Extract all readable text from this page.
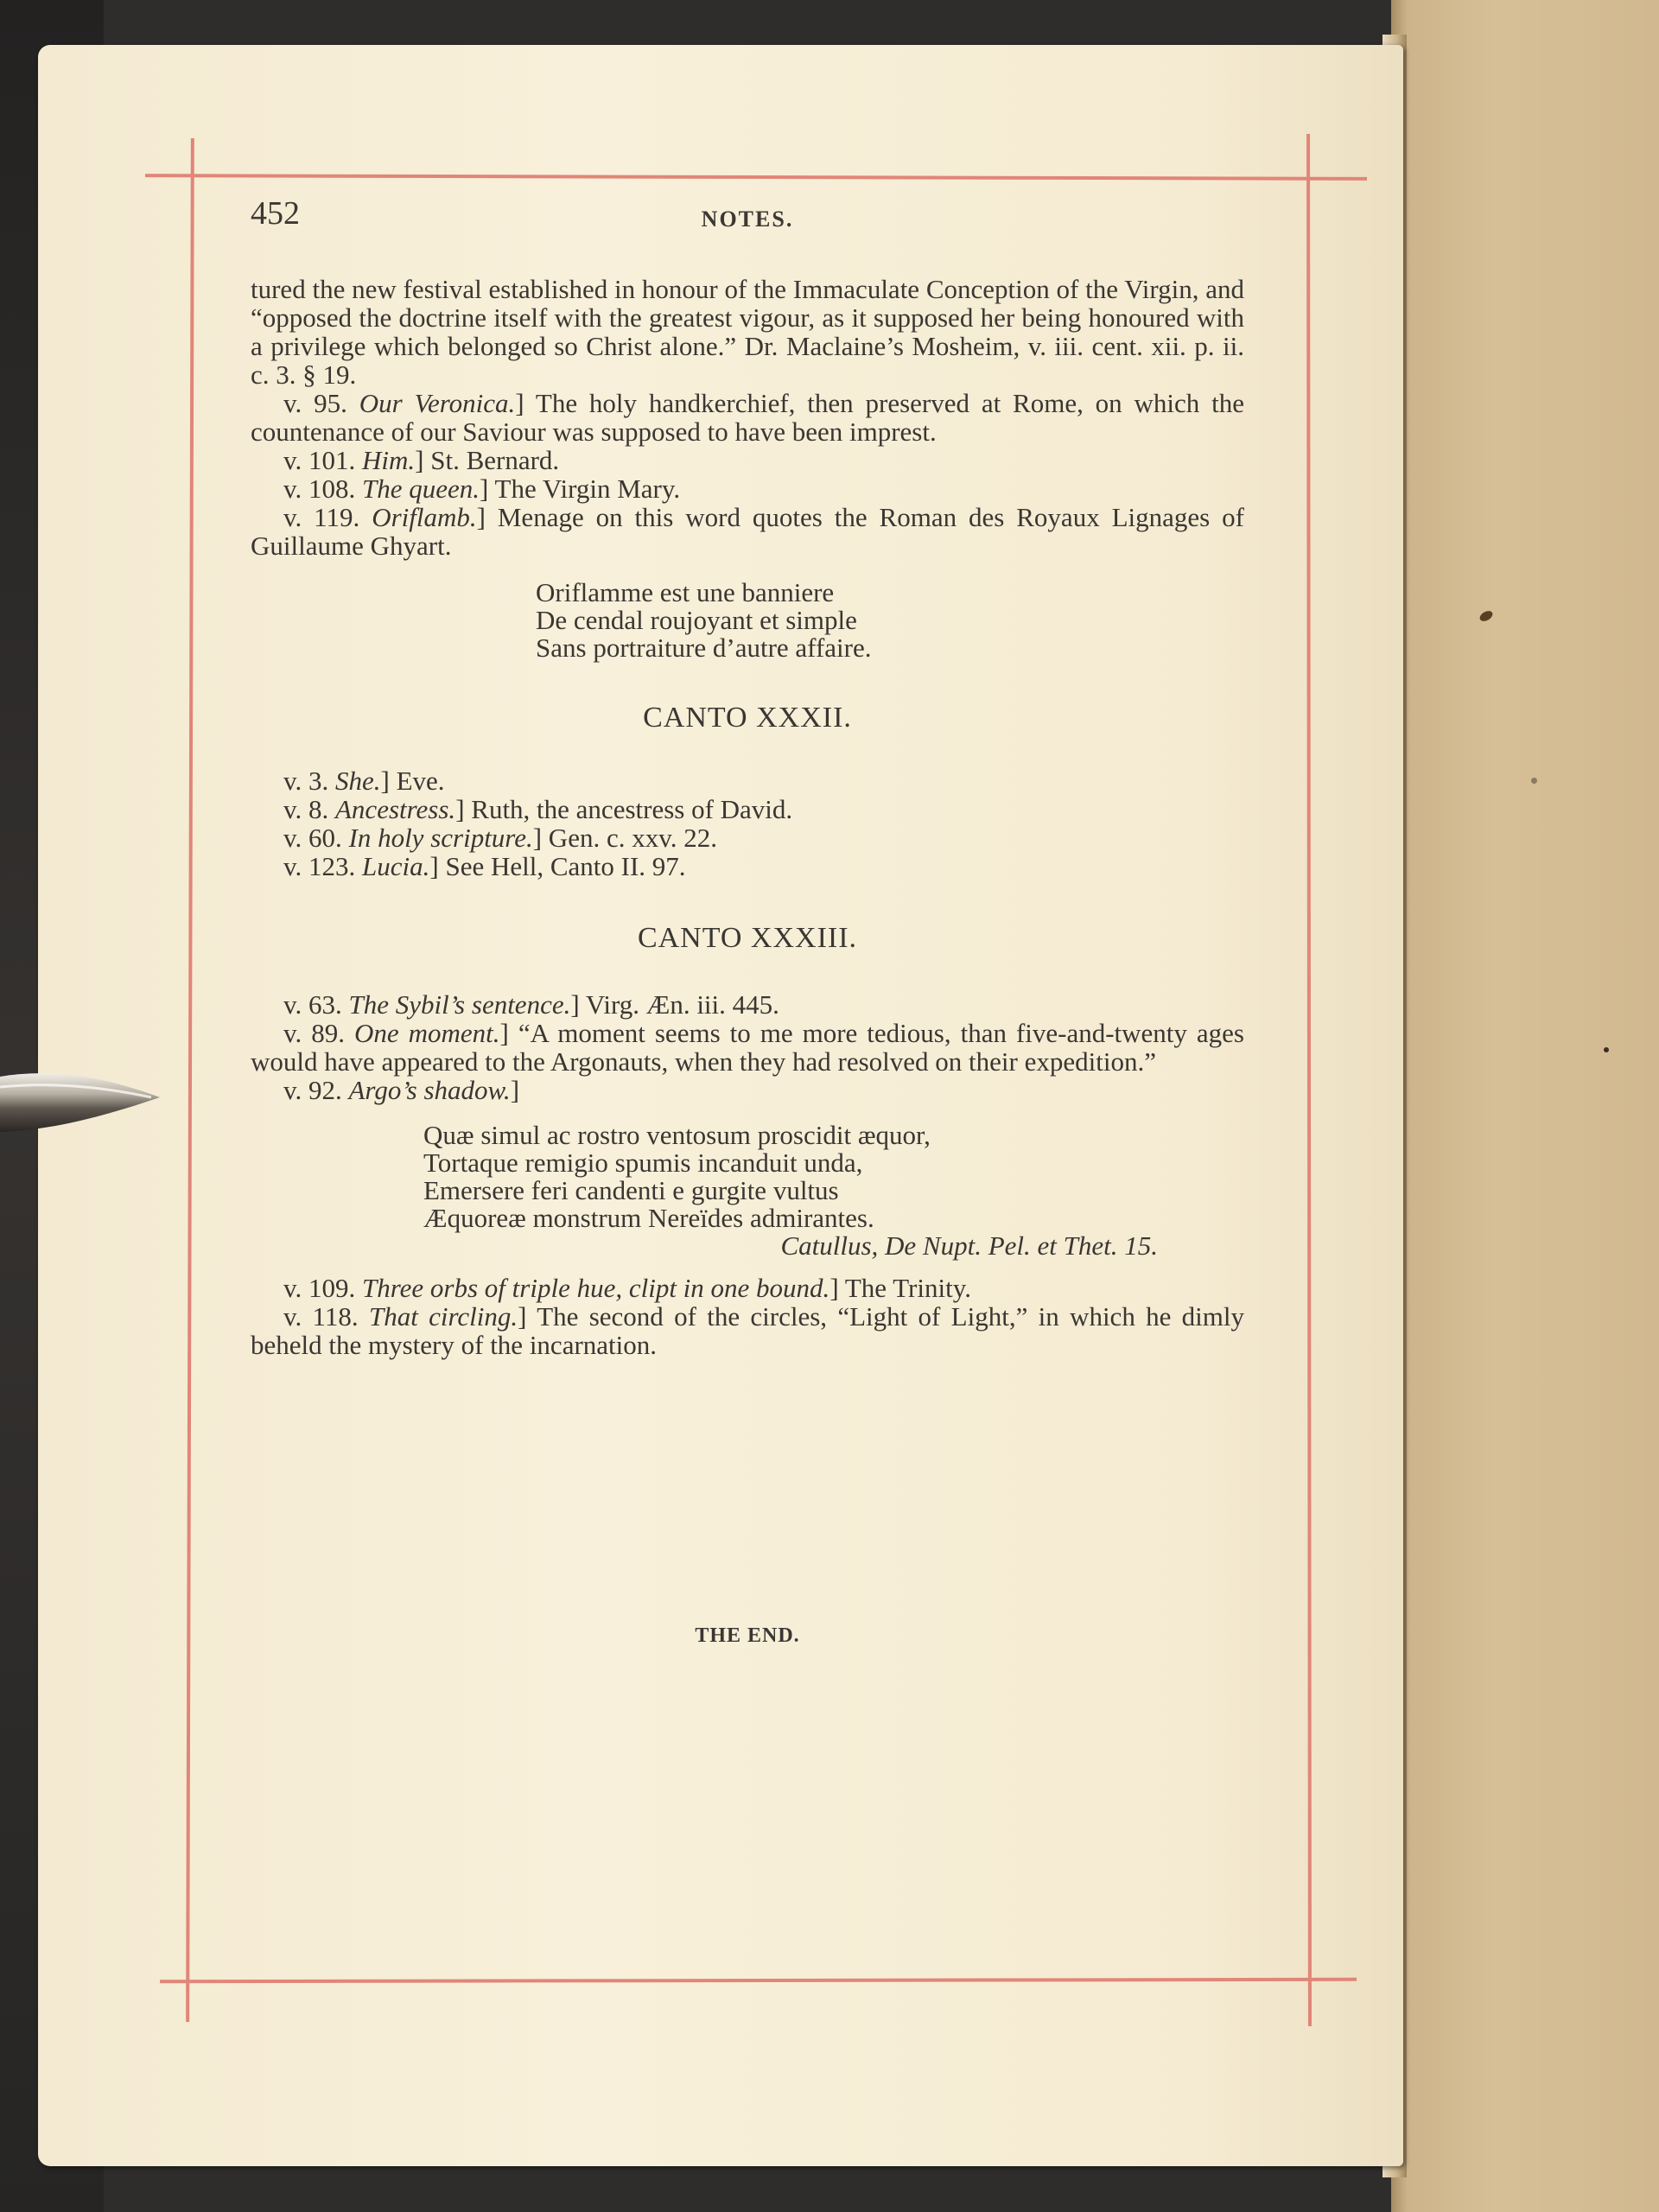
452	NOTES.

tured the new festival established in honour of the Immaculate Conception of the Virgin, and “opposed the doctrine itself with the greatest vigour, as it supposed her being honoured with a privilege which belonged so Christ alone.” Dr. Maclaine’s Mosheim, v. iii. cent. xii. p. ii. c. 3. § 19.

v. 95. Our Veronica.] The holy handkerchief, then preserved at Rome, on which the countenance of our Saviour was supposed to have been imprest.

v. 101. Him.] St. Bernard.

v. 108. The queen.] The Virgin Mary.

v. 119. Oriflamb.] Menage on this word quotes the Roman des Royaux Lignages of Guillaume Ghyart.

Oriflamme est une banniere
De cendal roujoyant et simple
Sans portraiture d’autre affaire.
CANTO XXXII.
v. 3. She.] Eve.
v. 8. Ancestress.] Ruth, the ancestress of David.
v. 60. In holy scripture.] Gen. c. xxv. 22.
v. 123. Lucia.] See Hell, Canto II. 97.
CANTO XXXIII.
v. 63. The Sybil’s sentence.] Virg. Æn. iii. 445.

v. 89. One moment.] “A moment seems to me more tedious, than five-and-twenty ages would have appeared to the Argonauts, when they had resolved on their expedition.”

v. 92. Argo’s shadow.]
Quæ simul ac rostro ventosum proscidit æquor,
Tortaque remigio spumis incanduit unda,
Emersere feri candenti e gurgite vultus
Æquoreæ monstrum Nereïdes admirantes.
Catullus, De Nupt. Pel. et Thet. 15.
v. 109. Three orbs of triple hue, clipt in one bound.] The Trinity.

v. 118. That circling.] The second of the circles, “Light of Light,” in which he dimly beheld the mystery of the incarnation.

THE END.
